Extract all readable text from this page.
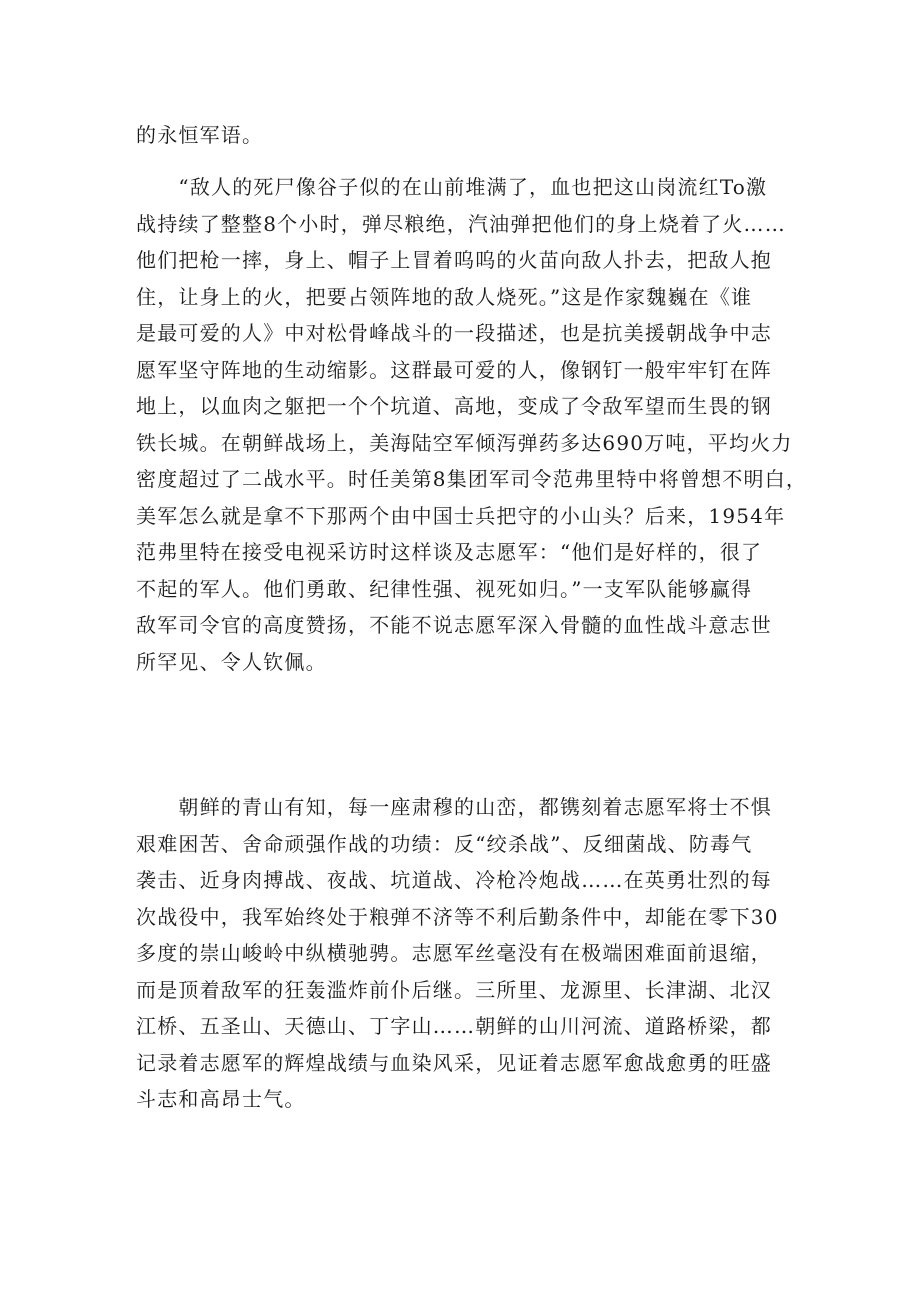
的永恒军语。
　　“敌人的死尸像谷子似的在山前堆满了，血也把这山岗流红To激
战持续了整整8个小时，弹尽粮绝，汽油弹把他们的身上烧着了火……
他们把枪一摔，身上、帽子上冒着呜呜的火苗向敌人扑去，把敌人抱
住，让身上的火，把要占领阵地的敌人烧死。”这是作家魏巍在《谁
是最可爱的人》中对松骨峰战斗的一段描述，也是抗美援朝战争中志
愿军坚守阵地的生动缩影。这群最可爱的人，像钢钉一般牢牢钉在阵
地上，以血肉之躯把一个个坑道、高地，变成了令敌军望而生畏的钢
铁长城。在朝鲜战场上，美海陆空军倾泻弹药多达690万吨，平均火力
密度超过了二战水平。时任美第8集团军司令范弗里特中将曾想不明白，
美军怎么就是拿不下那两个由中国士兵把守的小山头？后来，1954年
范弗里特在接受电视采访时这样谈及志愿军：“他们是好样的，很了
不起的军人。他们勇敢、纪律性强、视死如归。”一支军队能够赢得
敌军司令官的高度赞扬，不能不说志愿军深入骨髓的血性战斗意志世
所罕见、令人钦佩。
　　朝鲜的青山有知，每一座肃穆的山峦，都镌刻着志愿军将士不惧
艰难困苦、舍命顽强作战的功绩：反“绞杀战”、反细菌战、防毒气
袭击、近身肉搏战、夜战、坑道战、冷枪冷炮战……在英勇壮烈的每
次战役中，我军始终处于粮弹不济等不利后勤条件中，却能在零下30
多度的崇山峻岭中纵横驰骋。志愿军丝毫没有在极端困难面前退缩，
而是顶着敌军的狂轰滥炸前仆后继。三所里、龙源里、长津湖、北汉
江桥、五圣山、天德山、丁字山……朝鲜的山川河流、道路桥梁，都
记录着志愿军的辉煌战绩与血染风采，见证着志愿军愈战愈勇的旺盛
斗志和高昂士气。
